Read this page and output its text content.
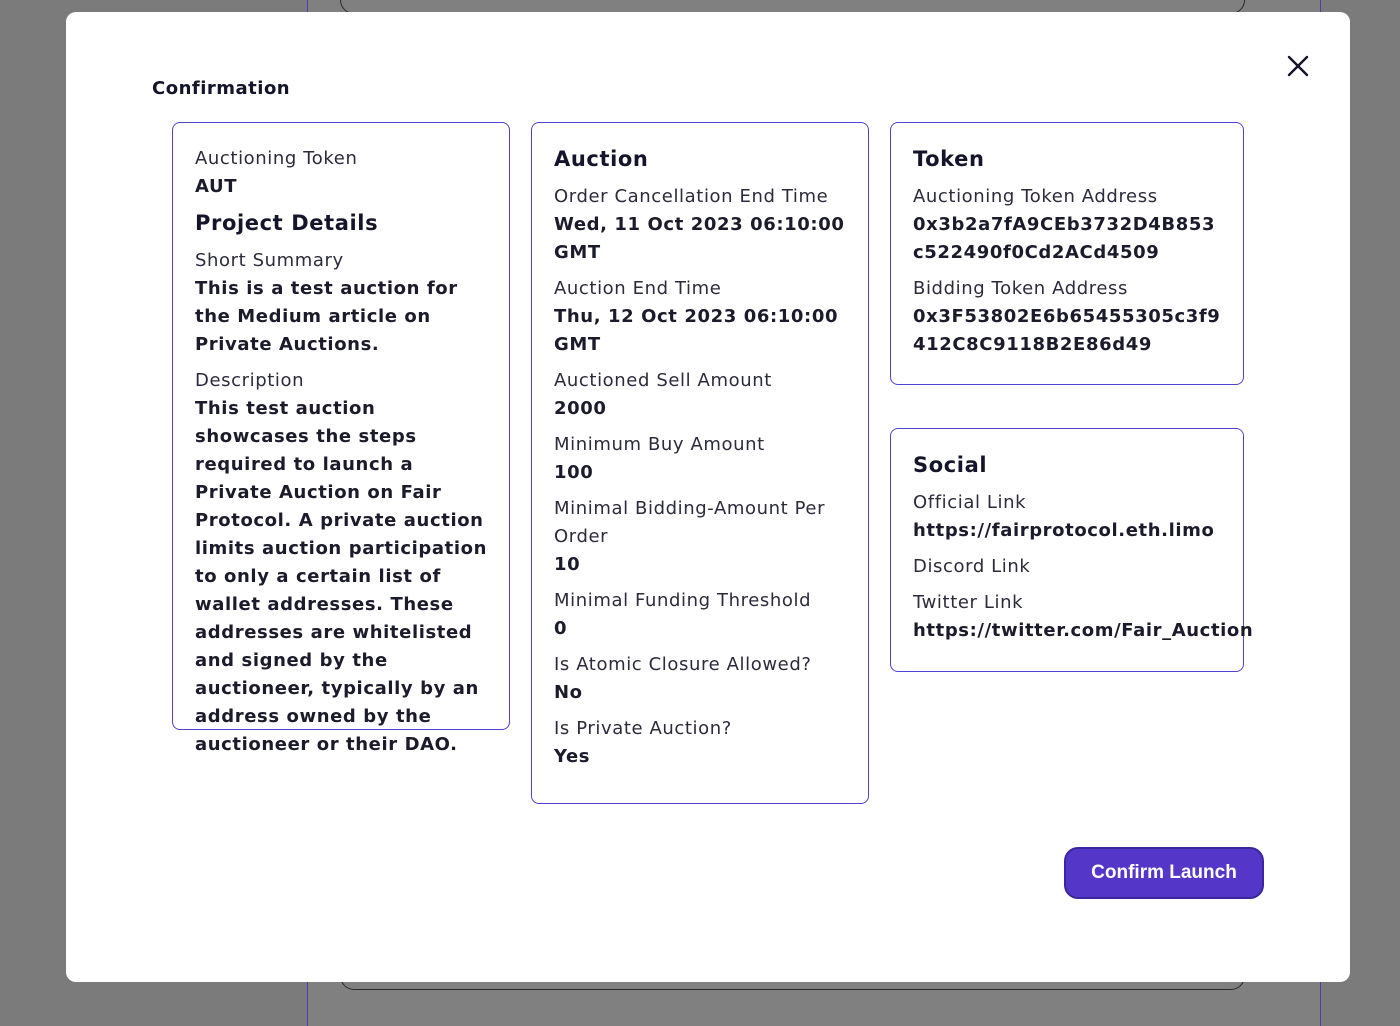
Confirmation
Auctioning Token
AUT
Project Details
Short Summary
This is a test auction for the Medium article on Private Auctions.
Description
This test auction showcases the steps required to launch a Private Auction on Fair Protocol. A private auction limits auction participation to only a certain list of wallet addresses. These addresses are whitelisted and signed by the auctioneer, typically by an address owned by the auctioneer or their DAO.
Auction
Order Cancellation End Time
Wed, 11 Oct 2023 06:10:00 GMT
Auction End Time
Thu, 12 Oct 2023 06:10:00 GMT
Auctioned Sell Amount
2000
Minimum Buy Amount
100
Minimal Bidding-Amount Per Order
10
Minimal Funding Threshold
0
Is Atomic Closure Allowed?
No
Is Private Auction?
Yes
Token
Auctioning Token Address
0x3b2a7fA9CEb3732D4B853c522490f0Cd2ACd4509
Bidding Token Address
0x3F53802E6b65455305c3f9412C8C9118B2E86d49
Social
Official Link
https://fairprotocol.eth.limo
Discord Link
Twitter Link
https://twitter.com/Fair_Auction
Confirm Launch
